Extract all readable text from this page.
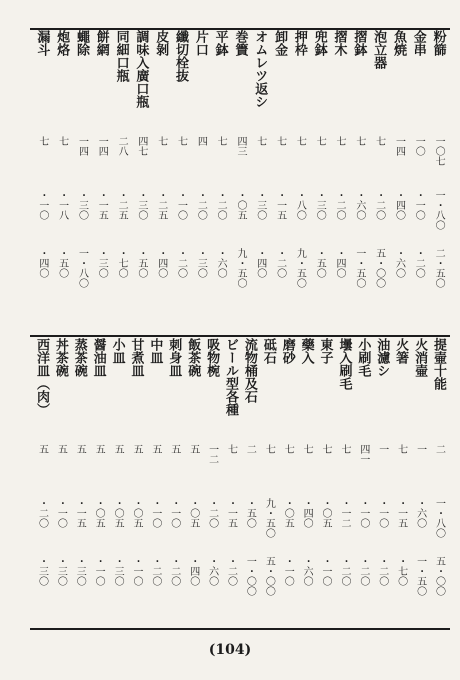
粉篩
一〇七
一・八〇
二・五〇
金串
一〇
・一〇
・二〇
魚焼
一四
・四〇
・六〇
泡立器
七
・二〇
五・〇〇
摺鉢
七
・六〇
一・五〇
摺木
七
・二〇
・四〇
兜鉢
七
・三〇
・五〇
押枠
七
・八〇
九・五〇
卸金
七
・一五
・二〇
オムレツ返シ
七
・三〇
・四〇
巻簀
四三
・〇五
九・五〇
平鉢
七
・二〇
・六〇
片口
四
・二〇
・三〇
纖切栓抜
七
・一〇
・二〇
皮剝
七
・二五
・四〇
調味入廣口瓶
四七
・三〇
・五〇
同細口瓶
二八
・二五
・七〇
餅網
一四
・一五
・三〇
蠅除
一四
・三〇
一・八〇
炮烙
七
・一八
・五〇
漏斗
七
・一〇
・四〇
提壷十能
二
一・八〇
五・〇〇
火消壷
一
・六〇
一・五〇
火箸
七
・一五
・七〇
油濾シ
一
・一〇
・二〇
小刷毛
四一
・一〇
・二〇
壜入刷毛
七
・一二
・二〇
東子
七
・〇五
・一〇
藥入
七
・四〇
・六〇
磨砂
七
・〇五
・一〇
砥石
七
九・五〇
五・〇〇
流物桶及石
二
・五〇
一・〇〇
ビール型各種
七
・一五
・二〇
吸物椀
一二
・二〇
・六〇
飯茶碗
五
・〇五
・四〇
刺身皿
五
・一〇
・二〇
中皿
五
・一〇
・二〇
甘煮皿
五
・〇五
・一〇
小皿
五
・〇五
・三〇
醤油皿
五
・〇五
・一〇
蒸茶碗
五
・一五
・三〇
丼茶碗
五
・一〇
・三〇
西洋皿（肉）
五
・二〇
・三〇
(104)
